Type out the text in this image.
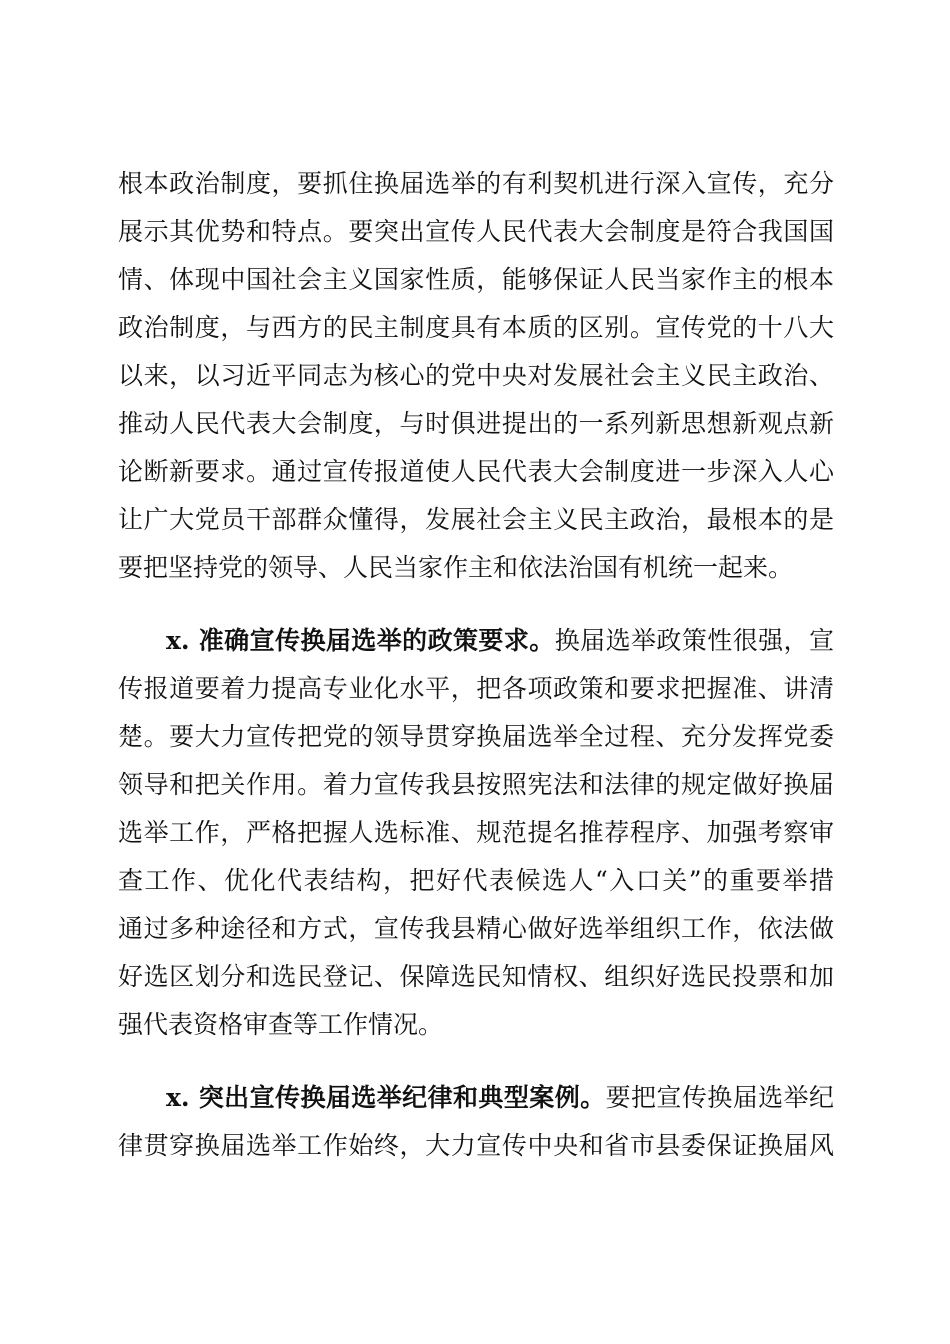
根本政治制度，要抓住换届选举的有利契机进行深入宣传，充分
展示其优势和特点。要突出宣传人民代表大会制度是符合我国国
情、体现中国社会主义国家性质，能够保证人民当家作主的根本
政治制度，与西方的民主制度具有本质的区别。宣传党的十八大
以来，以习近平同志为核心的党中央对发展社会主义民主政治、
推动人民代表大会制度，与时俱进提出的一系列新思想新观点新
论断新要求。通过宣传报道使人民代表大会制度进一步深入人心
让广大党员干部群众懂得，发展社会主义民主政治，最根本的是
要把坚持党的领导、人民当家作主和依法治国有机统一起来。
x. 准确宣传换届选举的政策要求。换届选举政策性很强，宣
传报道要着力提高专业化水平，把各项政策和要求把握准、讲清
楚。要大力宣传把党的领导贯穿换届选举全过程、充分发挥党委
领导和把关作用。着力宣传我县按照宪法和法律的规定做好换届
选举工作，严格把握人选标准、规范提名推荐程序、加强考察审
查工作、优化代表结构，把好代表候选人“入口关”的重要举措
通过多种途径和方式，宣传我县精心做好选举组织工作，依法做
好选区划分和选民登记、保障选民知情权、组织好选民投票和加
强代表资格审查等工作情况。
x. 突出宣传换届选举纪律和典型案例。要把宣传换届选举纪
律贯穿换届选举工作始终，大力宣传中央和省市县委保证换届风
